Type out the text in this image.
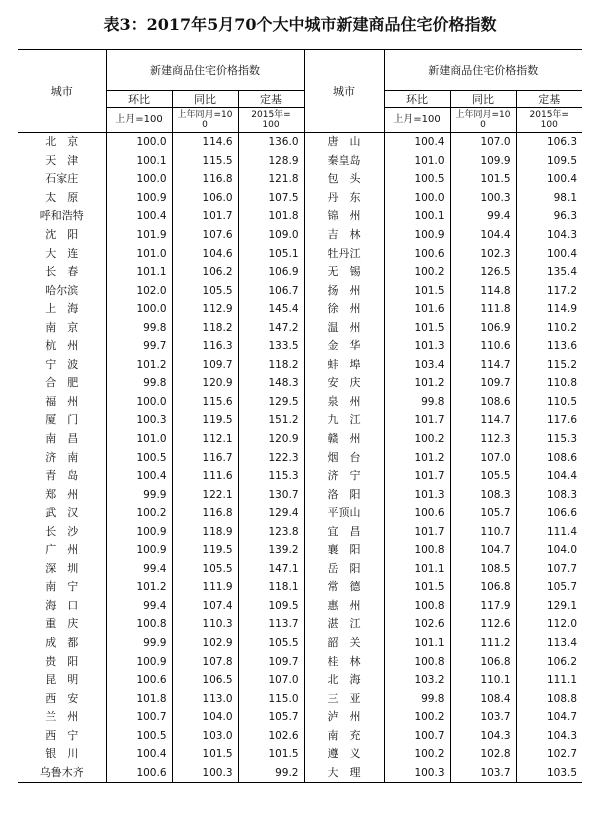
表3：2017年5月70个大中城市新建商品住宅价格指数
城市	新建商品住宅价格指数			城市	新建商品住宅价格指数		
	环比	同比	定基		环比	同比	定基
	上月=100	上年同月=100	2015年=100		上月=100	上年同月=100	2015年=100
北　京	100.0	114.6	136.0	唐　山	100.4	107.0	106.3
天　津	100.1	115.5	128.9	秦皇岛	101.0	109.9	109.5
石家庄	100.0	116.8	121.8	包　头	100.5	101.5	100.4
太　原	100.9	106.0	107.5	丹　东	100.0	100.3	98.1
呼和浩特	100.4	101.7	101.8	锦　州	100.1	99.4	96.3
沈　阳	101.9	107.6	109.0	吉　林	100.9	104.4	104.3
大　连	101.0	104.6	105.1	牡丹江	100.6	102.3	100.4
长　春	101.1	106.2	106.9	无　锡	100.2	126.5	135.4
哈尔滨	102.0	105.5	106.7	扬　州	101.5	114.8	117.2
上　海	100.0	112.9	145.4	徐　州	101.6	111.8	114.9
南　京	99.8	118.2	147.2	温　州	101.5	106.9	110.2
杭　州	99.7	116.3	133.5	金　华	101.3	110.6	113.6
宁　波	101.2	109.7	118.2	蚌　埠	103.4	114.7	115.2
合　肥	99.8	120.9	148.3	安　庆	101.2	109.7	110.8
福　州	100.0	115.6	129.5	泉　州	99.8	108.6	110.5
厦　门	100.3	119.5	151.2	九　江	101.7	114.7	117.6
南　昌	101.0	112.1	120.9	赣　州	100.2	112.3	115.3
济　南	100.5	116.7	122.3	烟　台	101.2	107.0	108.6
青　岛	100.4	111.6	115.3	济　宁	101.7	105.5	104.4
郑　州	99.9	122.1	130.7	洛　阳	101.3	108.3	108.3
武　汉	100.2	116.8	129.4	平顶山	100.6	105.7	106.6
长　沙	100.9	118.9	123.8	宜　昌	101.7	110.7	111.4
广　州	100.9	119.5	139.2	襄　阳	100.8	104.7	104.0
深　圳	99.4	105.5	147.1	岳　阳	101.1	108.5	107.7
南　宁	101.2	111.9	118.1	常　德	101.5	106.8	105.7
海　口	99.4	107.4	109.5	惠　州	100.8	117.9	129.1
重　庆	100.8	110.3	113.7	湛　江	102.6	112.6	112.0
成　都	99.9	102.9	105.5	韶　关	101.1	111.2	113.4
贵　阳	100.9	107.8	109.7	桂　林	100.8	106.8	106.2
昆　明	100.6	106.5	107.0	北　海	103.2	110.1	111.1
西　安	101.8	113.0	115.0	三　亚	99.8	108.4	108.8
兰　州	100.7	104.0	105.7	泸　州	100.2	103.7	104.7
西　宁	100.5	103.0	102.6	南　充	100.7	104.3	104.3
银　川	100.4	101.5	101.5	遵　义	100.2	102.8	102.7
乌鲁木齐	100.6	100.3	99.2	大　理	100.3	103.7	103.5
